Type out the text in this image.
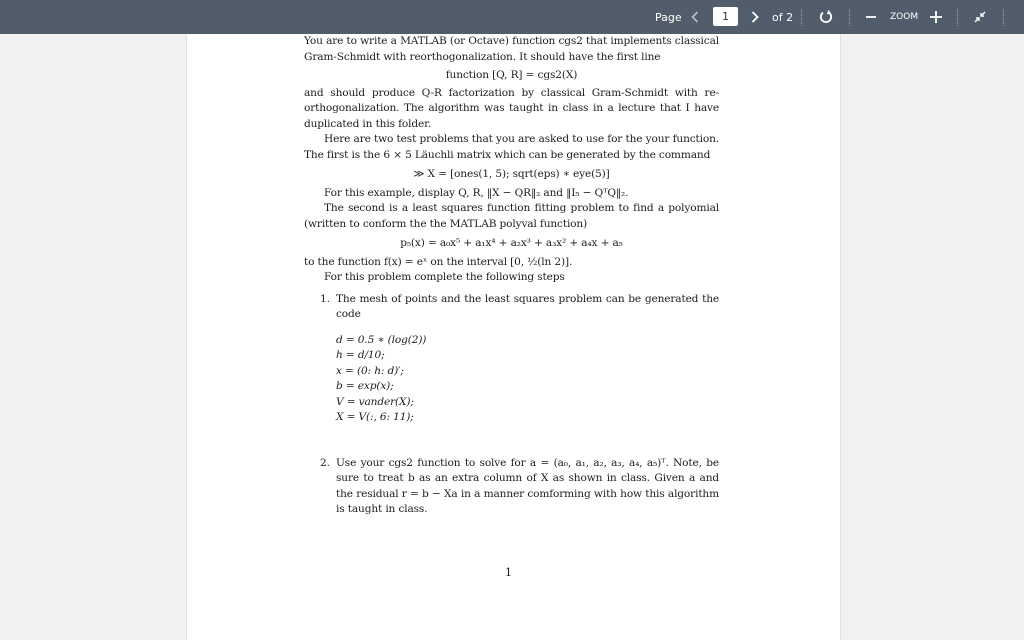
Page	1	of 2	ZOOM

You are to write a MATLAB (or Octave) function cgs2 that implements classical Gram-Schmidt with reorthogonalization. It should have the first line

function [Q, R] = cgs2(X)

and should produce Q-R factorization by classical Gram-Schmidt with re-orthogonalization. The algorithm was taught in class in a lecture that I have duplicated in this folder.

Here are two test problems that you are asked to use for the your function. The first is the 6 × 5 Läuchli matrix which can be generated by the command

≫ X = [ones(1, 5); sqrt(eps) ∗ eye(5)]

For this example, display Q, R, ‖X − QR‖₂ and ‖I₅ − QᵀQ‖₂.

The second is a least squares function fitting problem to find a polyomial (written to conform the the MATLAB polyval function)

p₅(x) = a₀x⁵ + a₁x⁴ + a₂x³ + a₃x² + a₄x + a₅

to the function f(x) = eˣ on the interval [0, ½(ln 2)].

For this problem complete the following steps

1. The mesh of points and the least squares problem can be generated the code

d = 0.5 ∗ (log(2))
h = d/10;
x = (0: h: d)′;
b = exp(x);
V = vander(X);
X = V(:, 6: 11);
2. Use your cgs2 function to solve for a = (a₀, a₁, a₂, a₃, a₄, a₅)ᵀ. Note, be sure to treat b as an extra column of X as shown in class. Given a and the residual r = b − Xa in a manner comforming with how this algorithm is taught in class.

1
